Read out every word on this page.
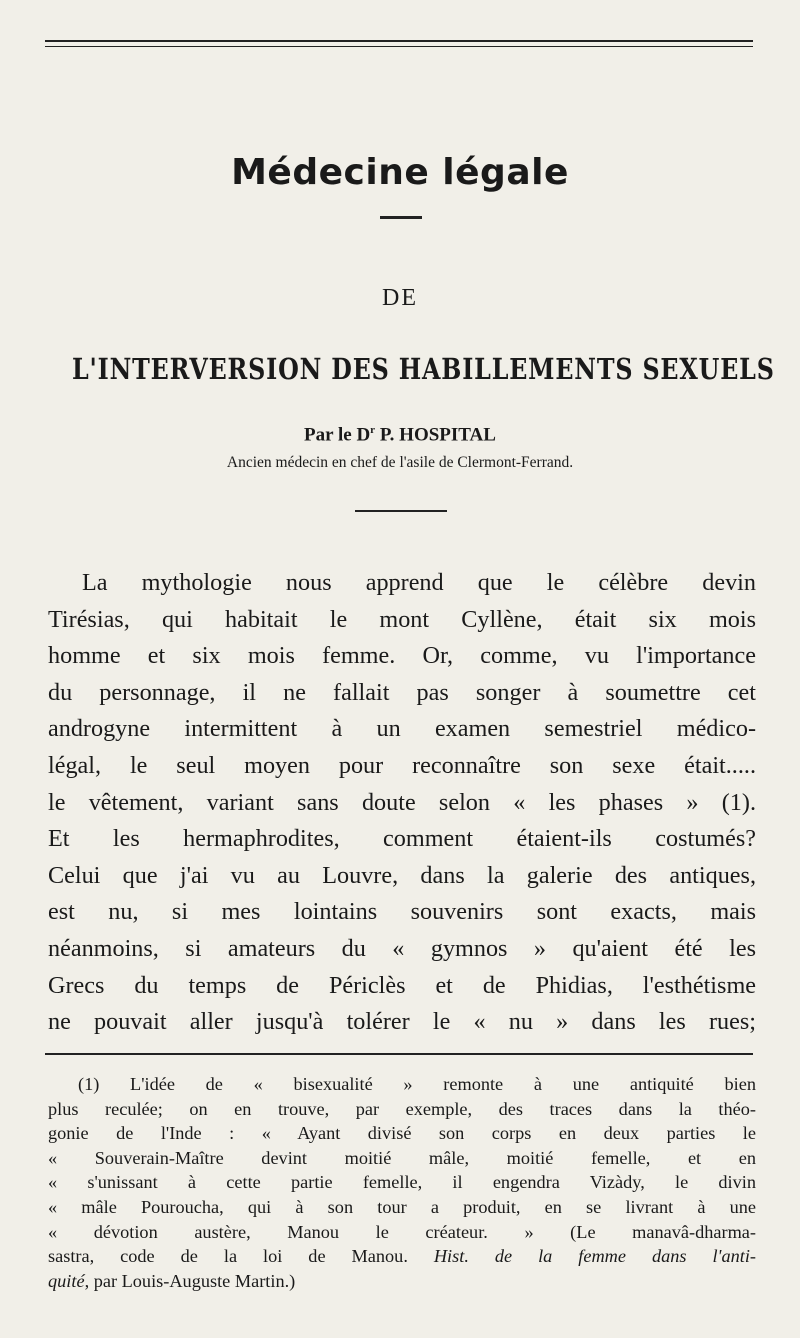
Médecine légale
DE
L'INTERVERSION DES HABILLEMENTS SEXUELS
Par le $D^r$ P. HOSPITAL
Ancien médecin en chef de l'asile de Clermont-Ferrand.
La mythologie nous apprend que le célèbre devin
Tirésias, qui habitait le mont Cyllène, était six mois
homme et six mois femme. Or, comme, vu l'importance
du personnage, il ne fallait pas songer à soumettre cet
androgyne intermittent à un examen semestriel médico-
légal, le seul moyen pour reconnaître son sexe était.....
le vêtement, variant sans doute selon « les phases » (1).
Et les hermaphrodites, comment étaient-ils costumés?
Celui que j'ai vu au Louvre, dans la galerie des antiques,
est nu, si mes lointains souvenirs sont exacts, mais
néanmoins, si amateurs du « gymnos » qu'aient été les
Grecs du temps de Périclès et de Phidias, l'esthétisme
ne pouvait aller jusqu'à tolérer le « nu » dans les rues;
(1) L'idée de « bisexualité » remonte à une antiquité bien
plus reculée; on en trouve, par exemple, des traces dans la théo-
gonie de l'Inde : « Ayant divisé son corps en deux parties le
« Souverain-Maître devint moitié mâle, moitié femelle, et en
« s'unissant à cette partie femelle, il engendra Vizàdy, le divin
« mâle Pouroucha, qui à son tour a produit, en se livrant à une
« dévotion austère, Manou le créateur. » (Le manavâ-dharma-
sastra, code de la loi de Manou. Hist. de la femme dans l'anti-
quité, par Louis-Auguste Martin.)
